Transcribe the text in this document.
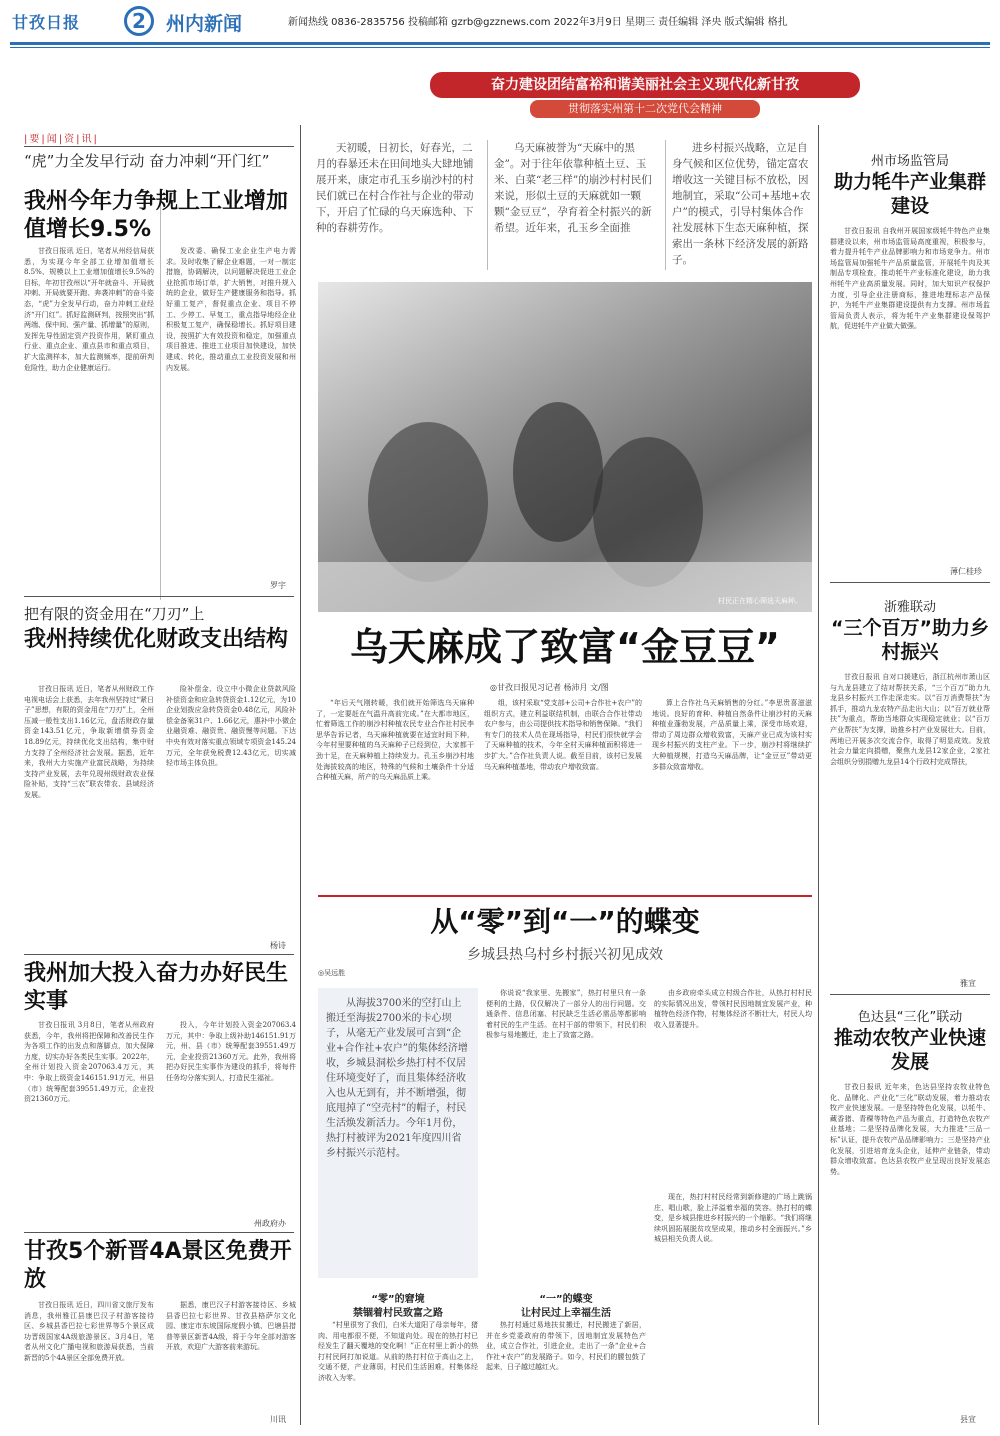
甘孜日报	2	州内新闻	新闻热线 0836-2835756 投稿邮箱 gzrb@gzznews.com 2022年3月9日 星期三 责任编辑 泽央 版式编辑 格扎
奋力建设团结富裕和谐美丽社会主义现代化新甘孜
贯彻落实州第十二次党代会精神
|要|闻|资|讯|
“虎”力全发早行动 奋力冲刺“开门红”
我州今年力争规上工业增加值增长9.5%
甘孜日报讯 近日，笔者从州经信局获悉，为实现今年全部工业增加值增长8.5%、规模以上工业增加值增长9.5%的目标，年初甘孜州以“开年就奋斗、开局就冲刺、开局就要开跑、奔袭冲刺”的奋斗姿态，“虎”力全发早行动，奋力冲刺工业经济“开门红”。抓好监测研判，按照突出“抓两端、保中间、强产量、抓增量”的原则，发挥先导性固定资产投资作用，紧盯重点行业、重点企业、重点县市和重点项目，扩大监测样本，加大监测频率，提前研判危险性，助力企业健康运行。
发改委、确保工业企业生产电力需求。及时收集了解企业难题，一对一制定措施，协调解决，以问题解决促进工业企业抢抓市场订单，扩大销售，对推升规入统的企业，做好生产健康服务和指导。抓好重工复产，督促重点企业、项目不停工、少停工、早复工，重点指导地经企业积极复工复产，确保稳增长。抓好项目建设，按照扩大有效投资和稳定，加强重点项目推进、推进工业项目加快建设，加快建成、转化，推动重点工业投资发展和州内发展。
罗宇
把有限的资金用在“刀刃”上
我州持续优化财政支出结构
甘孜日报讯 近日，笔者从州财政工作电视电话会上获悉，去年我州坚持过“紧日子”思想，有限的资金用在“刀刃”上，全州压减一般性支出1.16亿元，盘活财政存量资金143.51亿元，争取新增债券资金18.89亿元，持续优化支出结构，集中财力支持了全州经济社会发展。据悉，近年来，我州大力实施产业富民战略，为持续支持产业发展，去年兑现州级财政农业保险补贴，支持“三农”联农带农、县域经济发展。
险补偿金、设立中小微企业贷款风险补偿资金和应急转贷资金1.12亿元，为10企业划拨应急转贷资金0.48亿元，风险补偿金备案31户、1.66亿元，惠补中小微企业融资难、融资贵、融资慢等问题。下达中央有效对落实重点领域专项资金145.24万元，全年获免税费12.43亿元，切实减轻市场主体负担。
杨诗
我州加大投入奋力办好民生实事
甘孜日报讯 3月8日，笔者从州政府获悉，今年，我州将把保障和改善民生作为各项工作的出发点和落脚点，加大保障力度，切实办好各类民生实事。2022年，全州计划投入资金207063.4万元，其中：争取上级资金146151.91万元，州县（市）统筹配套39551.49万元，企业投资21360万元。
投入，今年计划投入资金207063.4万元，其中：争取上级补助146151.91万元，州、县（市）统筹配套39551.49万元，企业投资21360万元。此外，我州将把办好民生实事作为建设的抓手，将每件任务均分落实到人，打造民生福祉。
州政府办
甘孜5个新晋4A景区免费开放
甘孜日报讯 近日，四川省文旅厅发布消息，我州雅江县康巴汉子村游客接待区、乡城县香巴拉七彩世界等5个景区成功晋级国家4A级旅游景区。3月4日，笔者从州文化广播电视和旅游局获悉，当前新晋的5个4A景区全部免费开放。
据悉，康巴汉子村游客接待区、乡城县香巴拉七彩世界、甘孜县格萨尔文化园、康定市东坡国际度假小镇、巴塘县措普等景区新晋4A级，将于今年全部对游客开放，欢迎广大游客前来游玩。
川讯
天初暖，日初长，好春光，二月的春暴还未在田间地头大肆地铺展开来，康定市孔玉乡崩沙村的村民们就已在村合作社与企业的带动下，开启了忙碌的乌天麻选种、下种的春耕劳作。
乌天麻被誉为“天麻中的黑金”。对于往年依靠种植土豆、玉米、白菜“老三样”的崩沙村村民们来说，形似土豆的天麻就如一颗颗“金豆豆”，孕育着全村振兴的新希望。近年来，孔玉乡全面推
进乡村振兴战略，立足自身气候和区位优势，锚定富农增收这一关键目标不放松，因地制宜，采取“公司+基地+农户”的模式，引导村集体合作社发展林下生态天麻种植，探索出一条林下经济发展的新路子。
村民正在精心筛选天麻种。
乌天麻成了致富“金豆豆”
◎甘孜日报见习记者 杨沛月 文/图
“年后天气刚转暖，我们就开始筛选乌天麻种了，一定要赶在气温升高前完成。”在大都市地区，忙着筛选工作的崩沙村种植农民专业合作社村民李思华告诉记者，乌天麻种植就要在适宜时间下种，今年村里要种植的乌天麻种子已经到位，大家都干劲十足，在天麻种植上持续发力。孔玉乡崩沙村地处海拔较高的地区，特殊的气候和土壤条件十分适合种植天麻，所产的乌天麻品质上乘。
组，该村采取“党支部+公司+合作社+农户”的组织方式，建立利益联结机制，由联合合作社带动农户参与，由公司提供技术指导和销售保障。“我们有专门的技术人员在现场指导，村民们很快就学会了天麻种植的技术，今年全村天麻种植面积将进一步扩大。”合作社负责人说。截至目前，该村已发展乌天麻种植基地，带动农户增收致富。
算上合作社乌天麻销售的分红。”李思贵喜滋滋地说。良好的育种、种植自然条件让崩沙村的天麻种植业蓬勃发展，产品质量上乘，深受市场欢迎，带动了周边群众增收致富，天麻产业已成为该村实现乡村振兴的支柱产业。下一步，崩沙村将继续扩大种植规模，打造乌天麻品牌，让“金豆豆”带动更多群众致富增收。
从“零”到“一”的蝶变
乡城县热乌村乡村振兴初见成效
◎吴远胜
从海拔3700米的空打山上搬迁至海拔2700米的卡心坝子，从毫无产业发展可言到“企业+合作社+农户”的集体经济增收，乡城县洞松乡热打村不仅居住环境变好了，而且集体经济收入也从无到有，并不断增强，彻底甩掉了“空壳村”的帽子，村民生活焕发新活力。今年1月份，热打村被评为2021年度四川省乡村振兴示范村。
“零”的窘境
禁锢着村民致富之路
“村里很穷了我们，白米大道阳了母亲每年，猪肉、用电都很不便，不知道向处。现在的热打村已经发生了翻天覆地的变化啊！”正在村里上新小的热打村民阿打加说道。从前的热打村位于高山之上，交通不便，产业薄弱，村民们生活困难，村集体经济收入为零。
你说说“我家里、先搬家”，热打村里只有一条便利的土路，仅仅解决了一部分人的出行问题。交通条件、信息闭塞、村民缺乏生活必需品等都影响着村民的生产生活。在村干部的带领下，村民们积极参与易地搬迁，走上了致富之路。
“一”的蝶变
让村民过上幸福生活
热打村通过易地扶贫搬迁，村民搬进了新居，并在乡党委政府的带领下，因地制宜发展特色产业，成立合作社，引进企业，走出了一条“企业+合作社+农户”的发展路子。如今，村民们的腰包鼓了起来，日子越过越红火。
由乡政府牵头成立村级合作社，从热打村村民的实际情况出发，带领村民因地制宜发展产业，种植特色经济作物，村集体经济不断壮大，村民人均收入显著提升。
现在，热打村村民经常到新修建的广场上跳锅庄、唱山歌，脸上洋溢着幸福的笑容。热打村的蝶变，是乡城县推进乡村振兴的一个缩影。“我们将继续巩固拓展脱贫攻坚成果，推动乡村全面振兴。”乡城县相关负责人说。
州市场监管局
助力牦牛产业集群建设
甘孜日报讯 自我州开展国家级牦牛特色产业集群建设以来，州市场监管局高度重视，积极参与，着力提升牦牛产业品牌影响力和市场竞争力。州市场监管局加强牦牛产品质量监管，开展牦牛肉及其制品专项检查，推动牦牛产业标准化建设，助力我州牦牛产业高质量发展。同时，加大知识产权保护力度，引导企业注册商标，推进地理标志产品保护，为牦牛产业集群建设提供有力支撑。州市场监管局负责人表示，将为牦牛产业集群建设保驾护航，促进牦牛产业做大做强。
薄仁桂珍
浙雅联动
“三个百万”助力乡村振兴
甘孜日报讯 自对口援建后，浙江杭州市萧山区与九龙县建立了结对帮扶关系，“三个百万”助力九龙县乡村振兴工作走深走实。以“百万消费帮扶”为抓手，推动九龙农特产品走出大山；以“百万就业帮扶”为重点，帮助当地群众实现稳定就业；以“百万产业帮扶”为支撑，助推乡村产业发展壮大。目前，两地已开展多次交流合作，取得了明显成效。发放社会力量定向捐赠，聚焦九龙县12家企业，2家社会组织分别捐赠九龙县14个行政村完成帮扶，
雅宣
色达县“三化”联动
推动农牧产业快速发展
甘孜日报讯 近年来，色达县坚持农牧业特色化、品牌化、产业化“三化”联动发展，着力推动农牧产业快速发展。一是坚持特色化发展，以牦牛、藏香猪、青稞等特色产品为重点，打造特色农牧产业基地；二是坚持品牌化发展，大力推进“三品一标”认证，提升农牧产品品牌影响力；三是坚持产业化发展，引进培育龙头企业，延伸产业链条，带动群众增收致富。色达县农牧产业呈现出良好发展态势。
县宣
